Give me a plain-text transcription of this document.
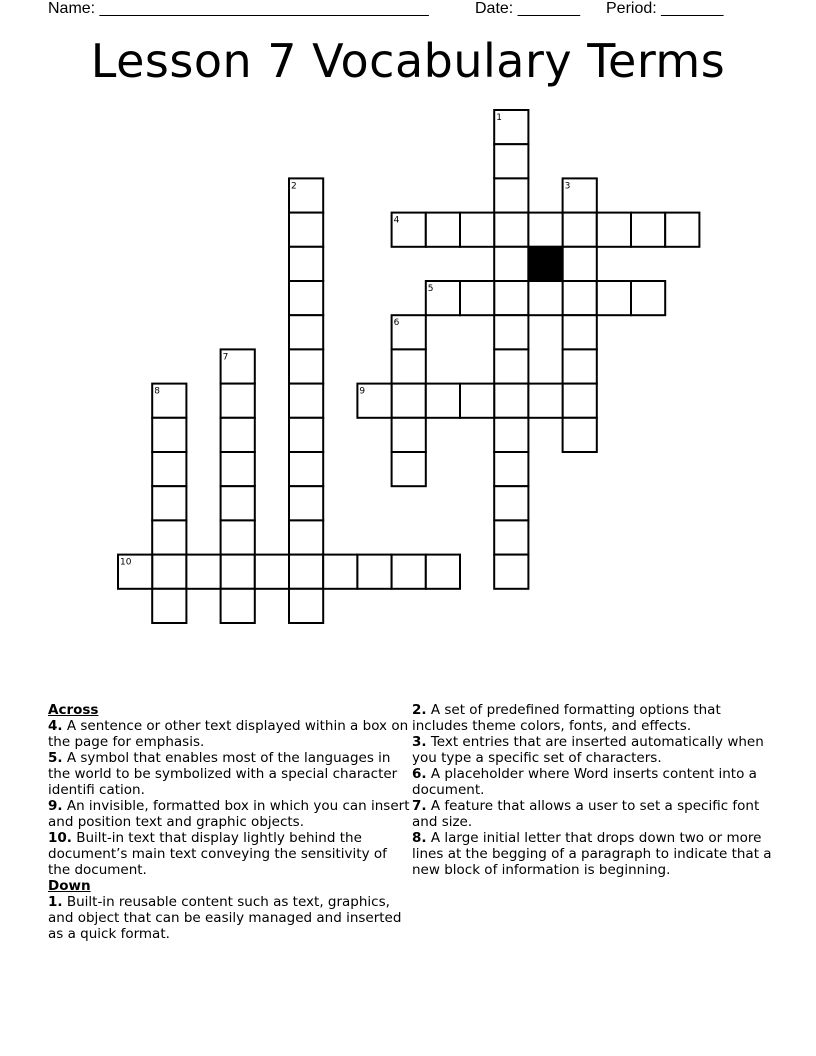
Name: _____________________________________	Date: _______ Period: _______
Lesson 7 Vocabulary Terms
1
2	3
4
5
6
7
8	9
10
Across
4. A sentence or other text displayed within a box on the page for emphasis.
5. A symbol that enables most of the languages in the world to be symbolized with a special character identifi cation.
9. An invisible, formatted box in which you can insert and position text and graphic objects.
10. Built-in text that display lightly behind the document’s main text conveying the sensitivity of the document.
Down
1. Built-in reusable content such as text, graphics, and object that can be easily managed and inserted as a quick format.
2. A set of predefined formatting options that includes theme colors, fonts, and effects.
3. Text entries that are inserted automatically when you type a specific set of characters.
6. A placeholder where Word inserts content into a document.
7. A feature that allows a user to set a specific font and size.
8. A large initial letter that drops down two or more lines at the begging of a paragraph to indicate that a new block of information is beginning.
